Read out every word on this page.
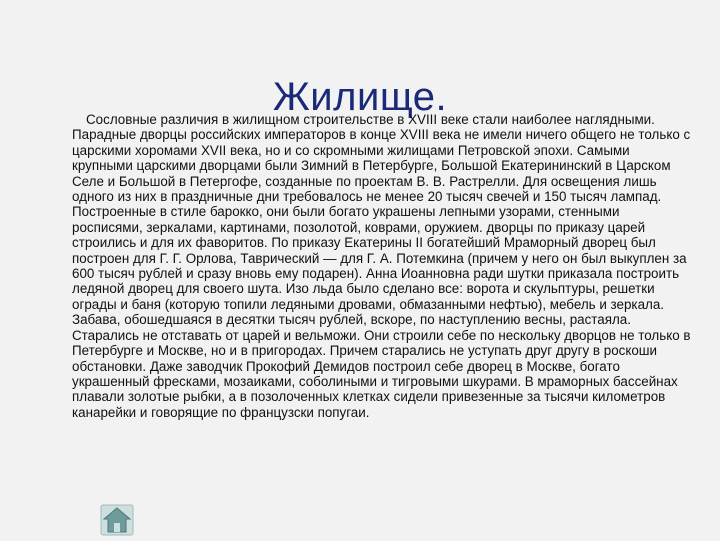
Жилище.

Сословные различия в жилищном строительстве в XVIII веке стали наиболее наглядными.

Парадные дворцы российских императоров в конце XVIII века не имели ничего общего не только с царскими хоромами XVII века, но и со скромными жилищами Петровской эпохи. Самыми крупными царскими дворцами были Зимний в Петербурге, Большой Екатерининский в Царском Селе и Большой в Петергофе, созданные по проектам В. В. Растрелли. Для освещения лишь одного из них в праздничные дни требовалось не менее 20 тысяч свечей и 150 тысяч лампад. Построенные в стиле барокко, они были богато украшены лепными узорами, стенными росписями, зеркалами, картинами, позолотой, коврами, оружием. дворцы по приказу царей строились и для их фаворитов. По приказу Екатерины II богатейший Мраморный дворец был построен для Г. Г. Орлова, Таврический — для Г. А. Потемкина (причем у него он был выкуплен за 600 тысяч рублей и сразу вновь ему подарен). Анна Иоанновна ради шутки приказала построить ледяной дворец для своего шута. Изо льда было сделано все: ворота и скульптуры, решетки ограды и баня (которую топили ледяными дровами, обмазанными нефтью), мебель и зеркала. Забава, обошедшаяся в десятки тысяч рублей, вскоре, по наступлению весны, растаяла.

Старались не отставать от царей и вельможи. Они строили себе по нескольку дворцов не только в Петербурге и Москве, но и в пригородах. Причем старались не уступать друг другу в роскоши обстановки. Даже заводчик Прокофий Демидов построил себе дворец в Москве, богато украшенный фресками, мозаиками, соболиными и тигровыми шкурами. В мраморных бассейнах плавали золотые рыбки, а в позолоченных клетках сидели привезенные за тысячи километров канарейки и говорящие по французски попугаи.
